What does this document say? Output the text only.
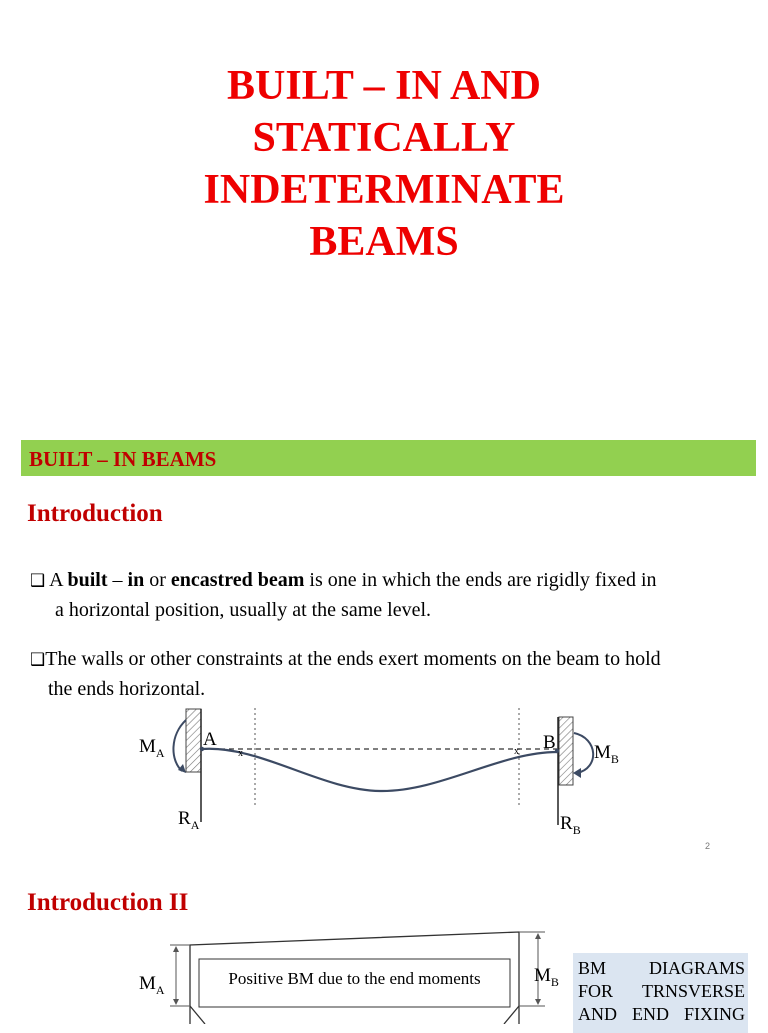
BUILT – IN AND
STATICALLY
INDETERMINATE
BEAMS
BUILT – IN BEAMS
Introduction
❑ A built – in or encastred beam is one in which the ends are rigidly fixed in
a horizontal position, usually at the same level.
❑The walls or other constraints at the ends exert moments on the beam to hold
the ends horizontal.
$M_A$
A	B $M_B$
$R_A$	$R_B$
x	x
2
Introduction II
Positive BM due to the end moments
$M_A$
$M_B$
BM DIAGRAMS
FOR TRNSVERSE
AND END FIXING
